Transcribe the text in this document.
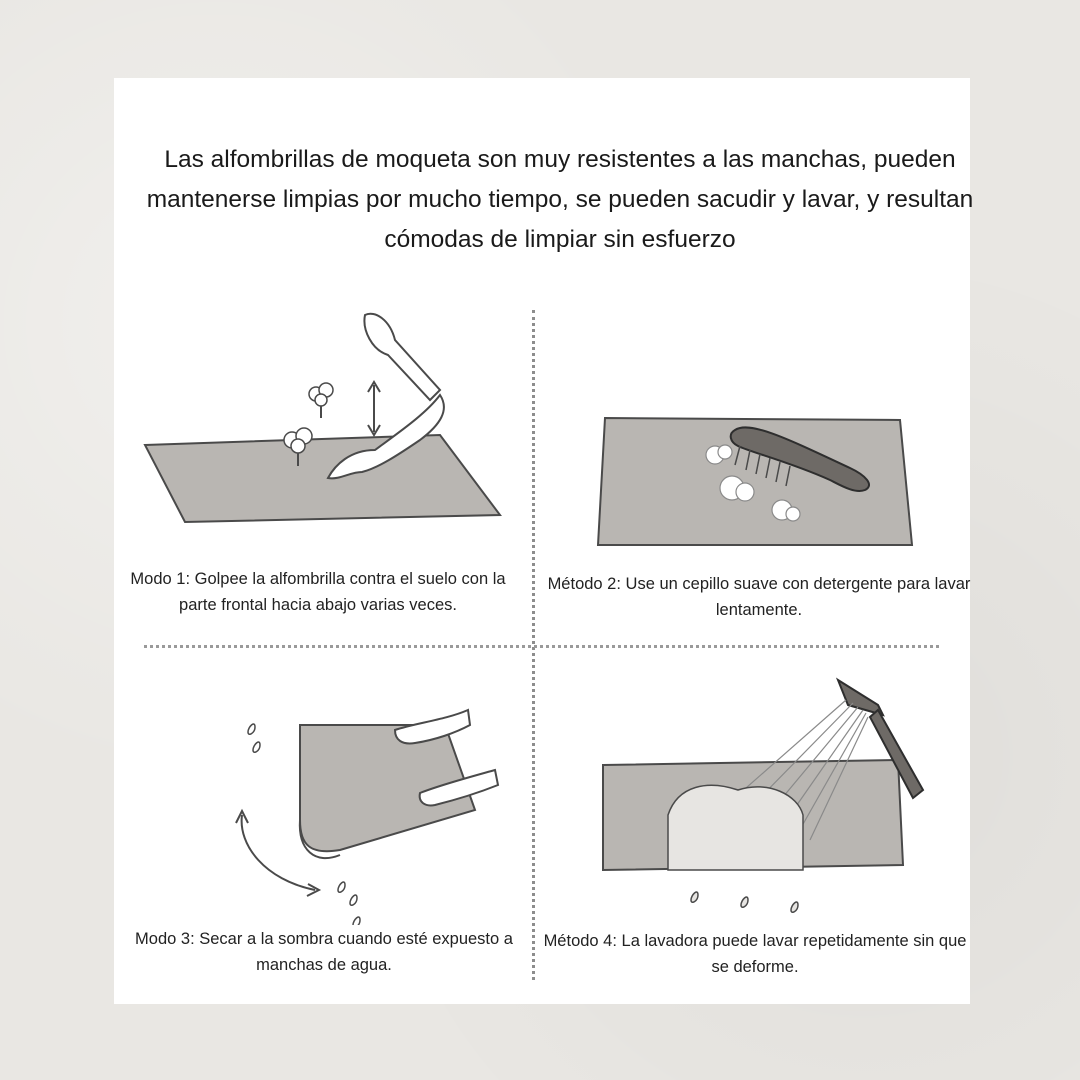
Las alfombrillas de moqueta son muy resistentes a las manchas, pueden mantenerse limpias por mucho tiempo, se pueden sacudir y lavar, y resultan cómodas de limpiar sin esfuerzo

Modo 1: Golpee la alfombrilla contra el suelo con la parte frontal hacia abajo varias veces.

Método 2: Use un cepillo suave con detergente para lavar lentamente.

Modo 3: Secar a la sombra cuando esté expuesto a manchas de agua.

Método 4: La lavadora puede lavar repetidamente sin que se deforme.
